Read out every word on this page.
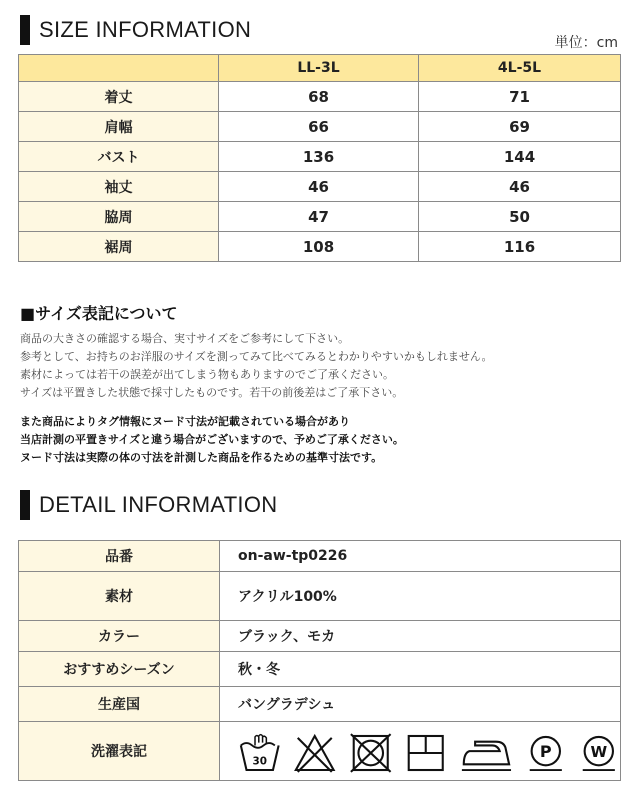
SIZE INFORMATION
単位：cm
	LL-3L	4L-5L
着丈	68	71
肩幅	66	69
バスト	136	144
袖丈	46	46
脇周	47	50
裾周	108	116
■サイズ表記について
商品の大きさの確認する場合、実寸サイズをご参考にして下さい。
参考として、お持ちのお洋服のサイズを測ってみて比べてみるとわかりやすいかもしれません。
素材によっては若干の誤差が出てしまう物もありますのでご了承ください。
サイズは平置きした状態で採寸したものです。若干の前後差はご了承下さい。
また商品によりタグ情報にヌード寸法が記載されている場合があり
当店計測の平置きサイズと違う場合がございますので、予めご了承ください。
ヌード寸法は実際の体の寸法を計測した商品を作るための基準寸法です。
DETAIL INFORMATION
品番	on-aw-tp0226
素材	アクリル100%
カラー	ブラック、モカ
おすすめシーズン	秋・冬
生産国	バングラデシュ
洗濯表記	30
P W
